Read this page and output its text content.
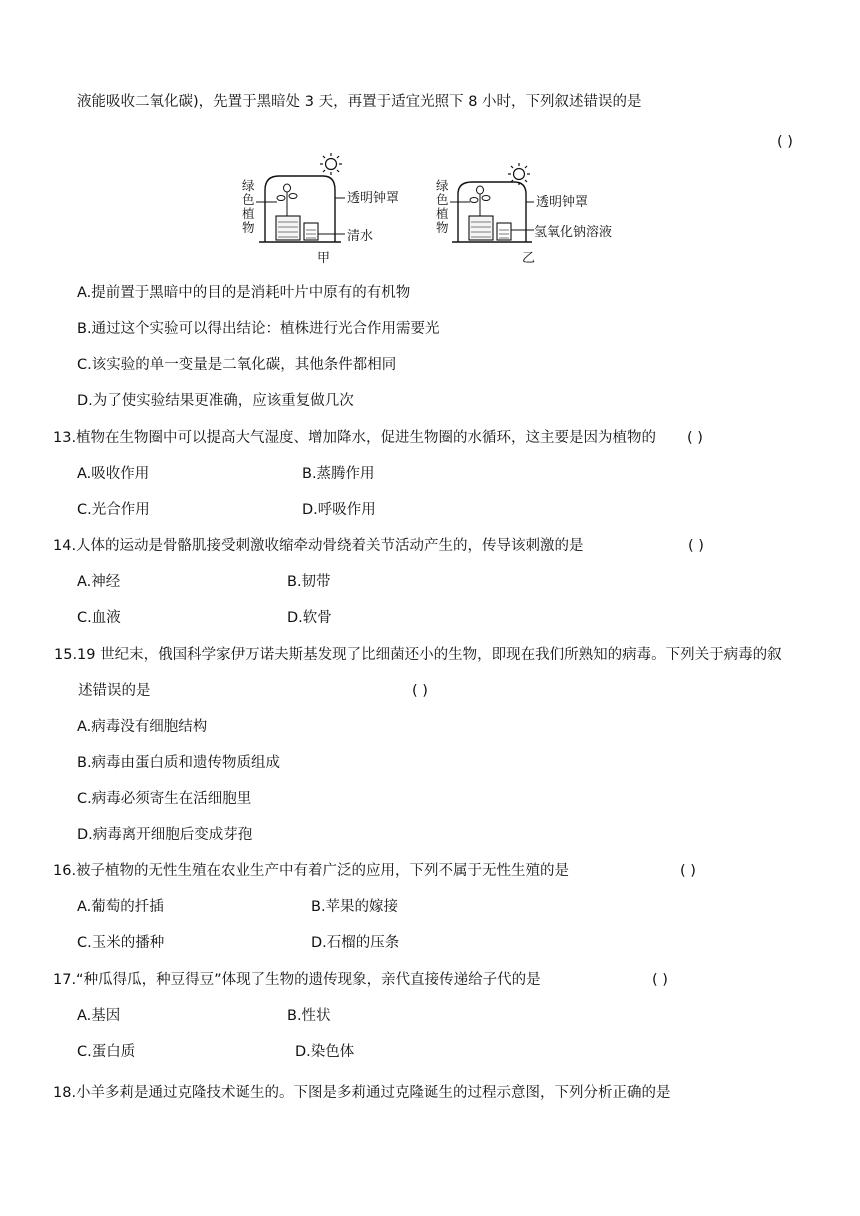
液能吸收二氧化碳)，先置于黑暗处 3 天，再置于适宜光照下 8 小时，下列叙述错误的是
( )
绿 色 植 物
透明钟罩
清水
甲
绿 色 植 物
透明钟罩
氢氧化钠溶液
乙
A.提前置于黑暗中的目的是消耗叶片中原有的有机物
B.通过这个实验可以得出结论：植株进行光合作用需要光
C.该实验的单一变量是二氧化碳，其他条件都相同
D.为了使实验结果更准确，应该重复做几次
13.植物在生物圈中可以提高大气湿度、增加降水，促进生物圈的水循环，这主要是因为植物的 ( )
A.吸收作用	B.蒸腾作用
C.光合作用	D.呼吸作用
14.人体的运动是骨骼肌接受刺激收缩牵动骨绕着关节活动产生的，传导该刺激的是	( )
A.神经	B.韧带
C.血液	D.软骨
15.19 世纪末，俄国科学家伊万诺夫斯基发现了比细菌还小的生物，即现在我们所熟知的病毒。下列关于病毒的叙
述错误的是	( )
A.病毒没有细胞结构
B.病毒由蛋白质和遗传物质组成
C.病毒必须寄生在活细胞里
D.病毒离开细胞后变成芽孢
16.被子植物的无性生殖在农业生产中有着广泛的应用，下列不属于无性生殖的是	( )
A.葡萄的扦插	B.苹果的嫁接
C.玉米的播种	D.石榴的压条
17.“种瓜得瓜，种豆得豆”体现了生物的遗传现象，亲代直接传递给子代的是	( )
A.基因	B.性状
C.蛋白质	D.染色体
18.小羊多莉是通过克隆技术诞生的。下图是多莉通过克隆诞生的过程示意图，下列分析正确的是
